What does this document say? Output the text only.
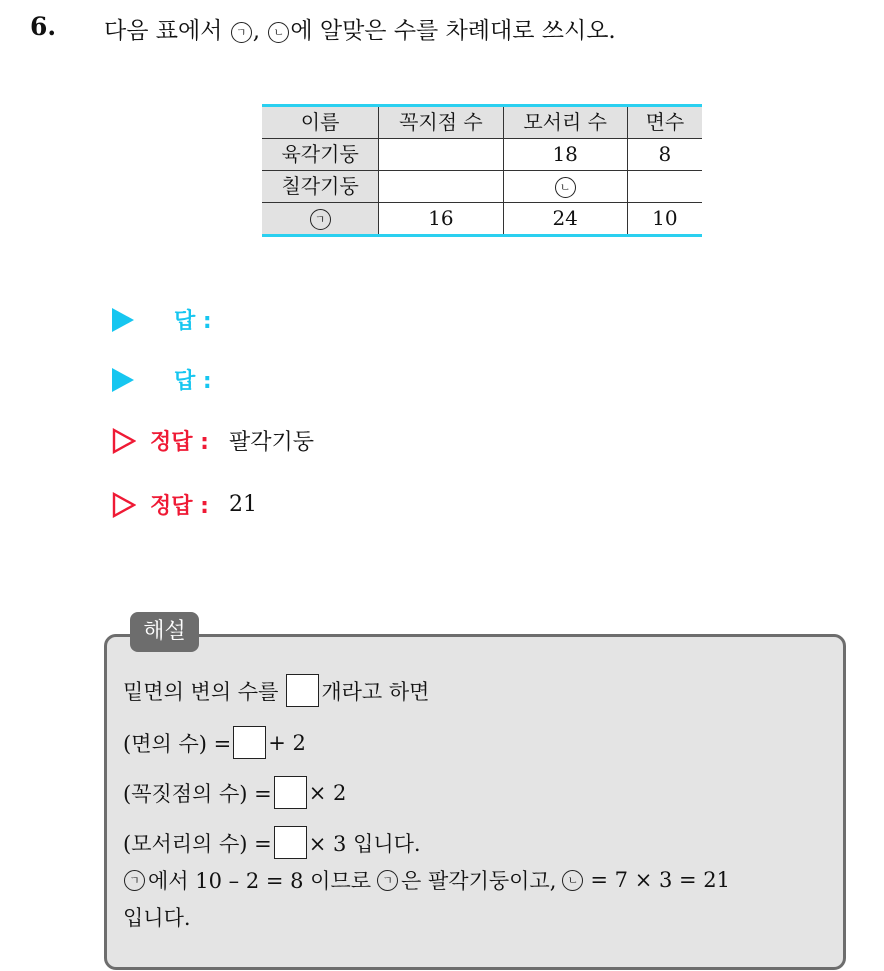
6. 다음 표에서 ㄱ , ㄴ 에 알맞은 수를 차례대로 쓰시오.
이름	꼭지점 수	모서리 수	면수
육각기둥		18	8
칠각기둥		ㄴ	
ㄱ	16	24	10
답 :
답 :
정답 : 팔각기둥
정답 : 21
해설
밑면의 변의 수를 개라고 하면
(면의 수) = + 2
(꼭짓점의 수) = × 2
(모서리의 수) = × 3 입니다.
ㄱ 에서 10 – 2 = 8 이므로	ㄱ 은 팔각기둥이고,	ㄴ = 7 × 3 = 21
입니다.
